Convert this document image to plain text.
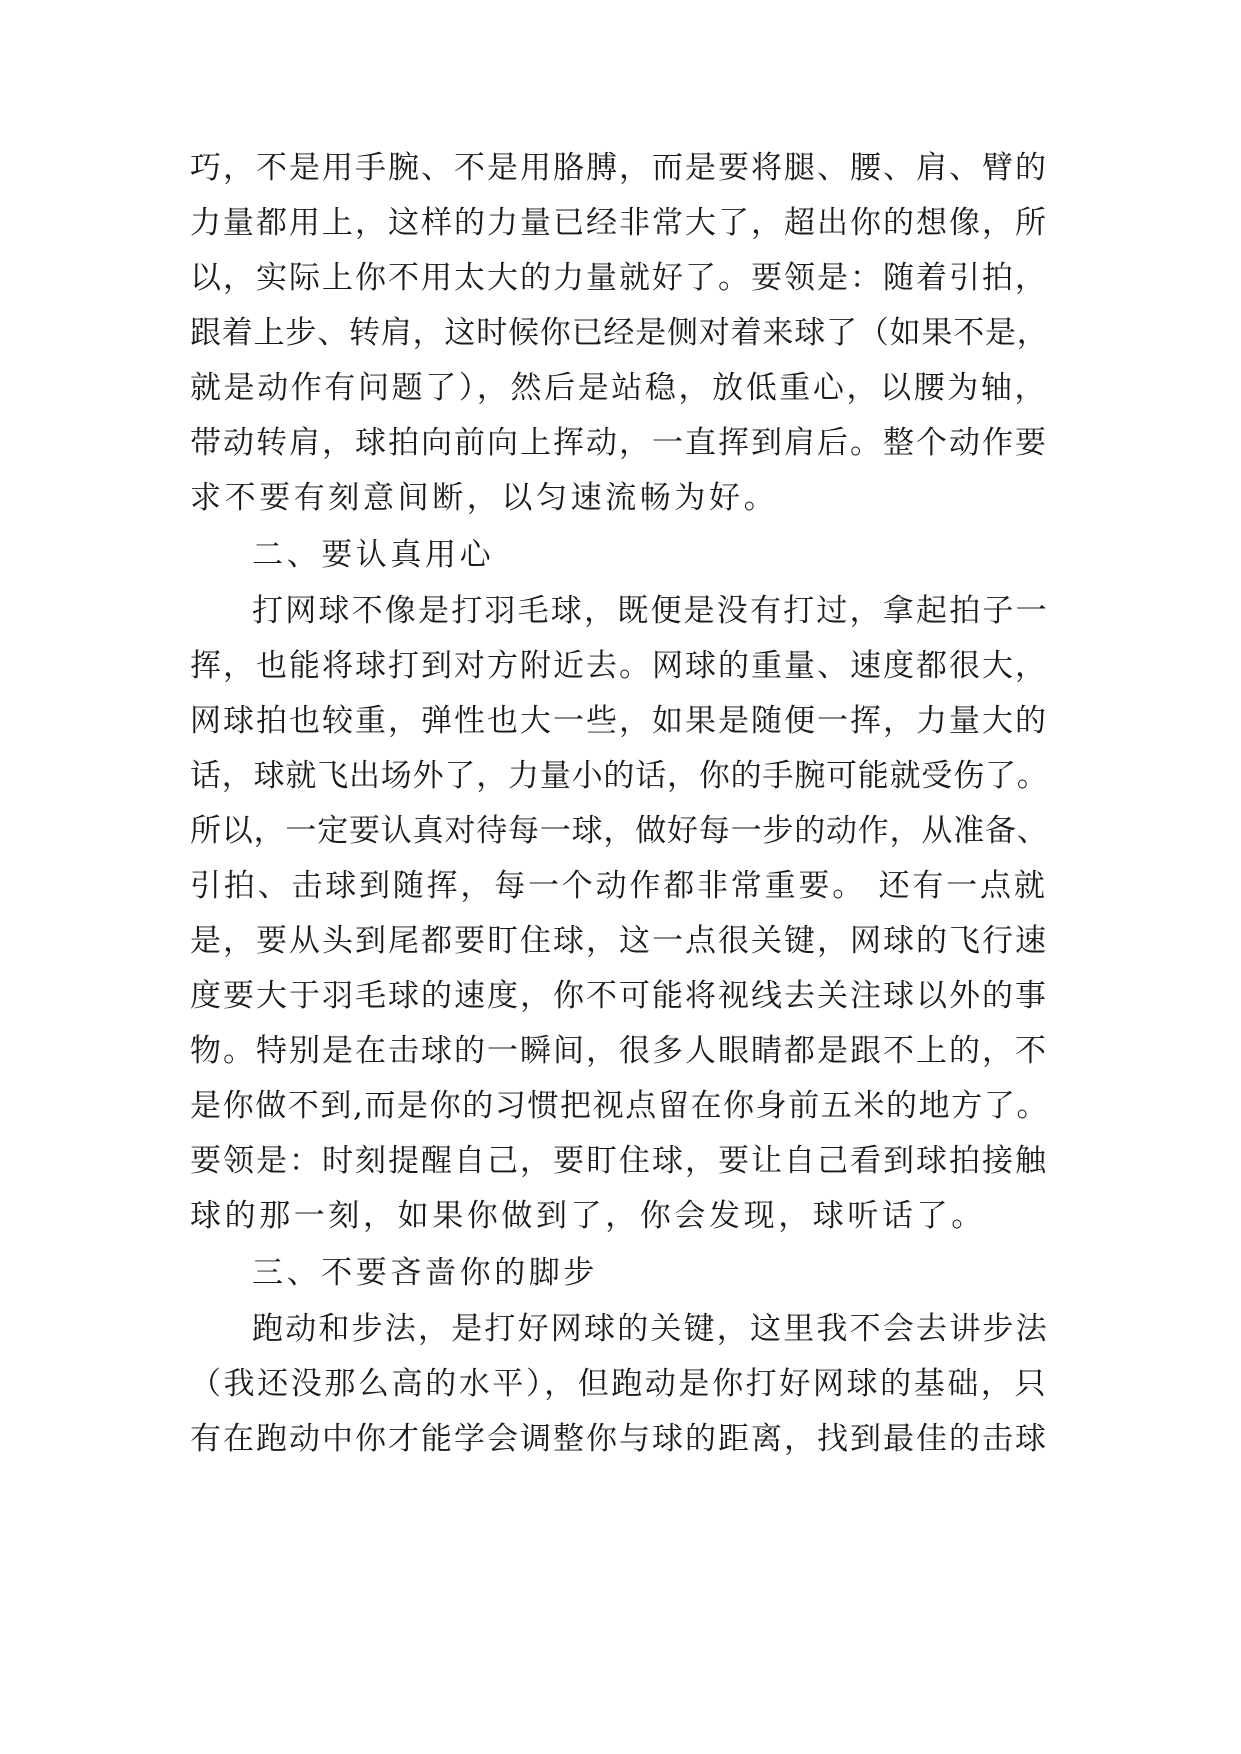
巧，不是用手腕、不是用胳膊，而是要将腿、腰、肩、臂的

力量都用上，这样的力量已经非常大了，超出你的想像，所

以，实际上你不用太大的力量就好了。要领是：随着引拍，

跟着上步、转肩，这时候你已经是侧对着来球了（如果不是，

就是动作有问题了），然后是站稳，放低重心，以腰为轴，

带动转肩，球拍向前向上挥动，一直挥到肩后。整个动作要

求不要有刻意间断，以匀速流畅为好。

二、要认真用心

打网球不像是打羽毛球，既便是没有打过，拿起拍子一

挥，也能将球打到对方附近去。网球的重量、速度都很大，

网球拍也较重，弹性也大一些，如果是随便一挥，力量大的

话，球就飞出场外了，力量小的话，你的手腕可能就受伤了。

所以，一定要认真对待每一球，做好每一步的动作，从准备、

引拍、击球到随挥，每一个动作都非常重要。 还有一点就

是，要从头到尾都要盯住球，这一点很关键，网球的飞行速

度要大于羽毛球的速度，你不可能将视线去关注球以外的事

物。特别是在击球的一瞬间，很多人眼睛都是跟不上的，不

是你做不到,而是你的习惯把视点留在你身前五米的地方了。

要领是：时刻提醒自己，要盯住球，要让自己看到球拍接触

球的那一刻，如果你做到了，你会发现，球听话了。

三、不要吝啬你的脚步

跑动和步法，是打好网球的关键，这里我不会去讲步法

（我还没那么高的水平），但跑动是你打好网球的基础，只

有在跑动中你才能学会调整你与球的距离，找到最佳的击球
